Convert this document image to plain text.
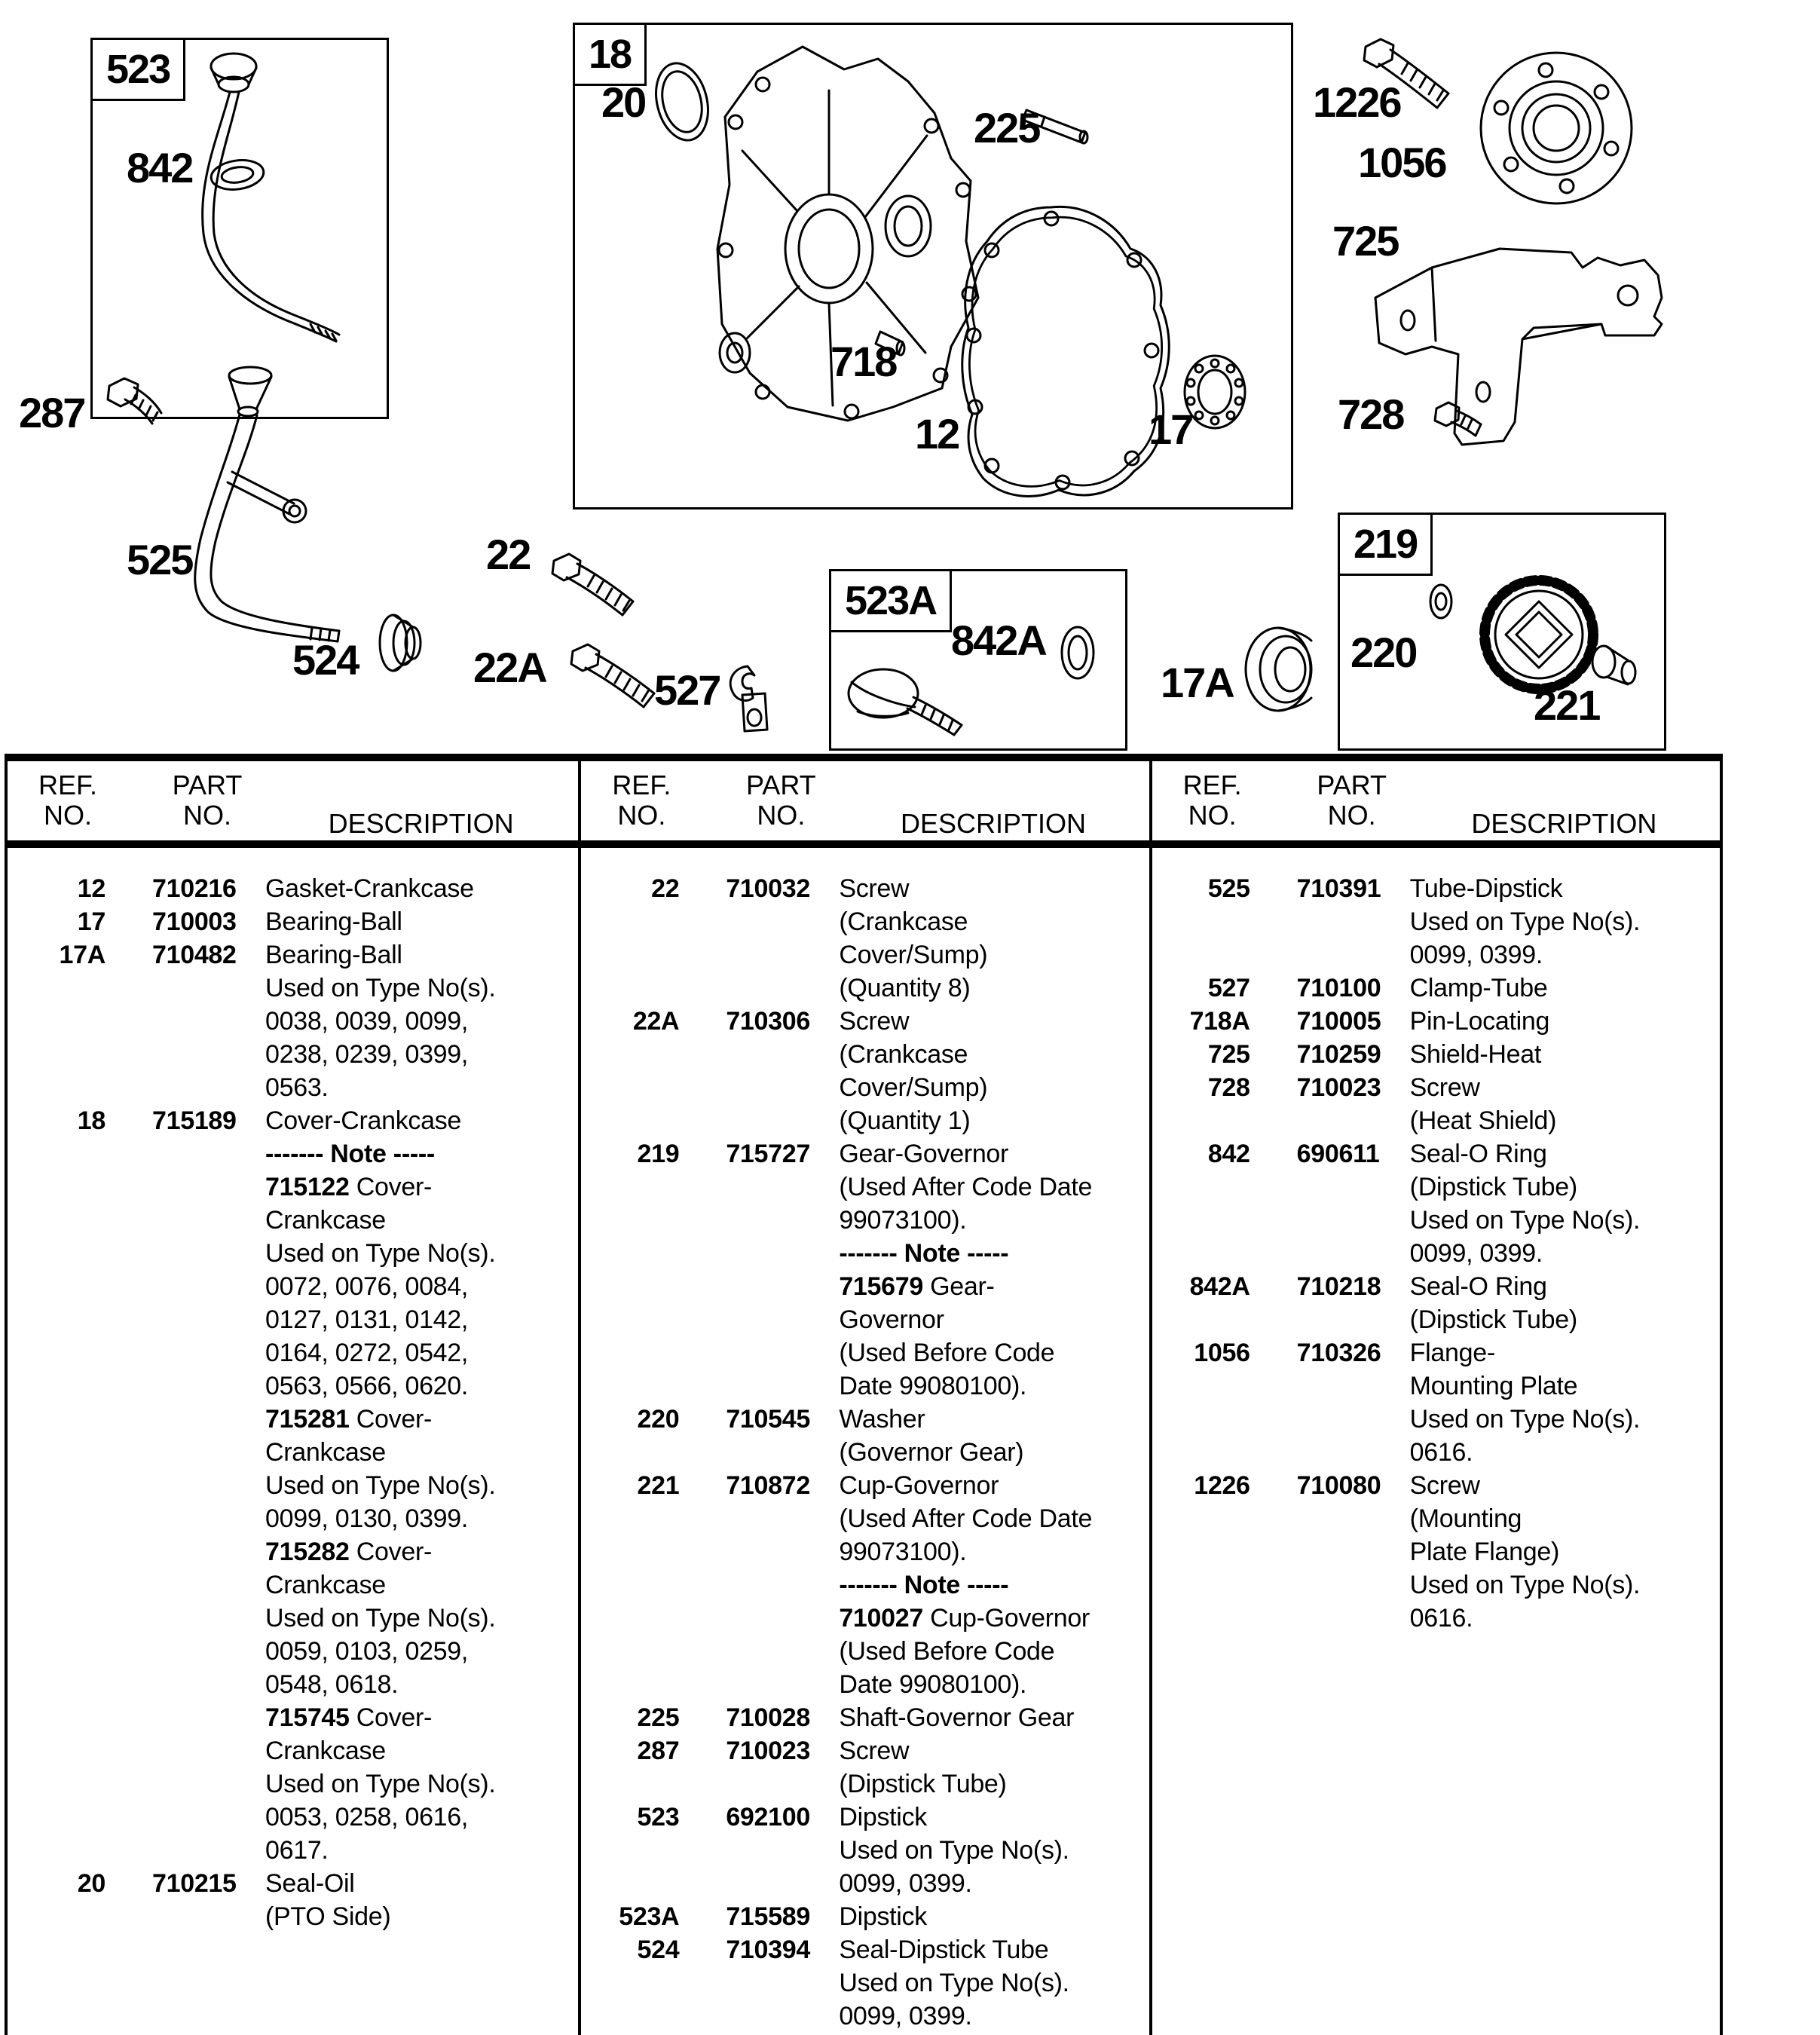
523	18
523A
219
842
287
525
524
22
22A	527
842A
17A
220
221
20
225
718
12	17
1226
1056
725
728
REF.
NO.
PART
NO.	DESCRIPTION
12 710216	Gasket-Crankcase
17 710003	Bearing-Ball
17A 710482	Bearing-Ball
Used on Type No(s).
0038, 0039, 0099,
0238, 0239, 0399,
0563.
18 715189	Cover-Crankcase
------- Note -----
715122 Cover-
Crankcase
Used on Type No(s).
0072, 0076, 0084,
0127, 0131, 0142,
0164, 0272, 0542,
0563, 0566, 0620.
715281 Cover-
Crankcase
Used on Type No(s).
0099, 0130, 0399.
715282 Cover-
Crankcase
Used on Type No(s).
0059, 0103, 0259,
0548, 0618.
715745 Cover-
Crankcase
Used on Type No(s).
0053, 0258, 0616,
0617.
20 710215	Seal-Oil
(PTO Side)
REF.
NO.
PART
NO.	DESCRIPTION
22 710032	Screw
(Crankcase
Cover/Sump)
(Quantity 8)
22A 710306	Screw
(Crankcase
Cover/Sump)
(Quantity 1)
219 715727	Gear-Governor
(Used After Code Date
99073100).
------- Note -----
715679 Gear-
Governor
(Used Before Code
Date 99080100).
220 710545	Washer
(Governor Gear)
221 710872	Cup-Governor
(Used After Code Date
99073100).
------- Note -----
710027 Cup-Governor
(Used Before Code
Date 99080100).
225 710028	Shaft-Governor Gear
287 710023	Screw
(Dipstick Tube)
523 692100	Dipstick
Used on Type No(s).
0099, 0399.
523A 715589	Dipstick
524 710394	Seal-Dipstick Tube
Used on Type No(s).
0099, 0399.
REF.
NO.
PART
NO.	DESCRIPTION
525 710391	Tube-Dipstick
Used on Type No(s).
0099, 0399.
527 710100	Clamp-Tube
718A 710005	Pin-Locating
725 710259	Shield-Heat
728 710023	Screw
(Heat Shield)
842 690611	Seal-O Ring
(Dipstick Tube)
Used on Type No(s).
0099, 0399.
842A 710218	Seal-O Ring
(Dipstick Tube)
1056 710326	Flange-
Mounting Plate
Used on Type No(s).
0616.
1226 710080	Screw
(Mounting
Plate Flange)
Used on Type No(s).
0616.
